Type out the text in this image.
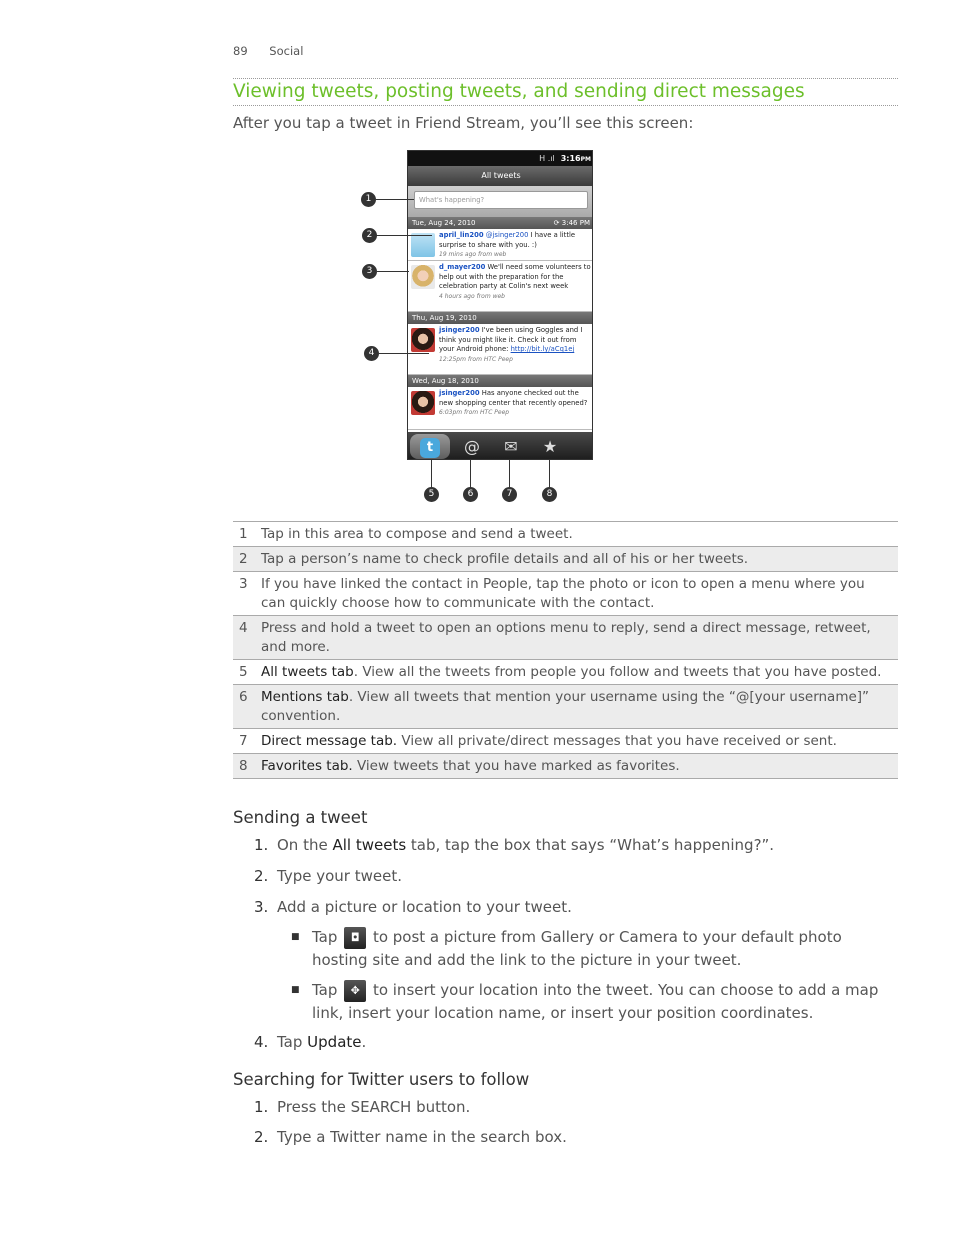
89 Social
Viewing tweets, posting tweets, and sending direct messages
After you tap a tweet in Friend Stream, you’ll see this screen:
H .ıl 3:16PM
All tweets
What's happening?
Tue, Aug 24, 2010	⟳ 3:46 PM
april_lin200 @jsinger200 I have a little surprise to share with you. :)
19 mins ago from web
d_mayer200 We'll need some volunteers to help out with the preparation for the celebration party at Colin's next week
4 hours ago from web
Thu, Aug 19, 2010
jsinger200 I've been using Goggles and I think you might like it. Check it out from your Android phone: http://bit.ly/aCq1ej
12:25pm from HTC Peep
Wed, Aug 18, 2010
jsinger200 Has anyone checked out the new shopping center that recently opened?
6:03pm from HTC Peep
t	@	✉	★
1
2
3
4
5	6	7	8
1 Tap in this area to compose and send a tweet.
2 Tap a person’s name to check profile details and all of his or her tweets.
3 If you have linked the contact in People, tap the photo or icon to open a menu where you can quickly choose how to communicate with the contact.
4 Press and hold a tweet to open an options menu to reply, send a direct message, retweet, and more.
5 All tweets tab. View all the tweets from people you follow and tweets that you have posted.
6 Mentions tab. View all tweets that mention your username using the “@[your username]” convention.
7 Direct message tab. View all private/direct messages that you have received or sent.
8 Favorites tab. View tweets that you have marked as favorites.
Sending a tweet
1. On the All tweets tab, tap the box that says “What’s happening?”.
2. Type your tweet.
3. Add a picture or location to your tweet.
■ Tap ◘ to post a picture from Gallery or Camera to your default photo hosting site and add the link to the picture in your tweet.
■ Tap ✥ to insert your location into the tweet. You can choose to add a map link, insert your location name, or insert your position coordinates.
4. Tap Update.
Searching for Twitter users to follow
1. Press the SEARCH button.
2. Type a Twitter name in the search box.
